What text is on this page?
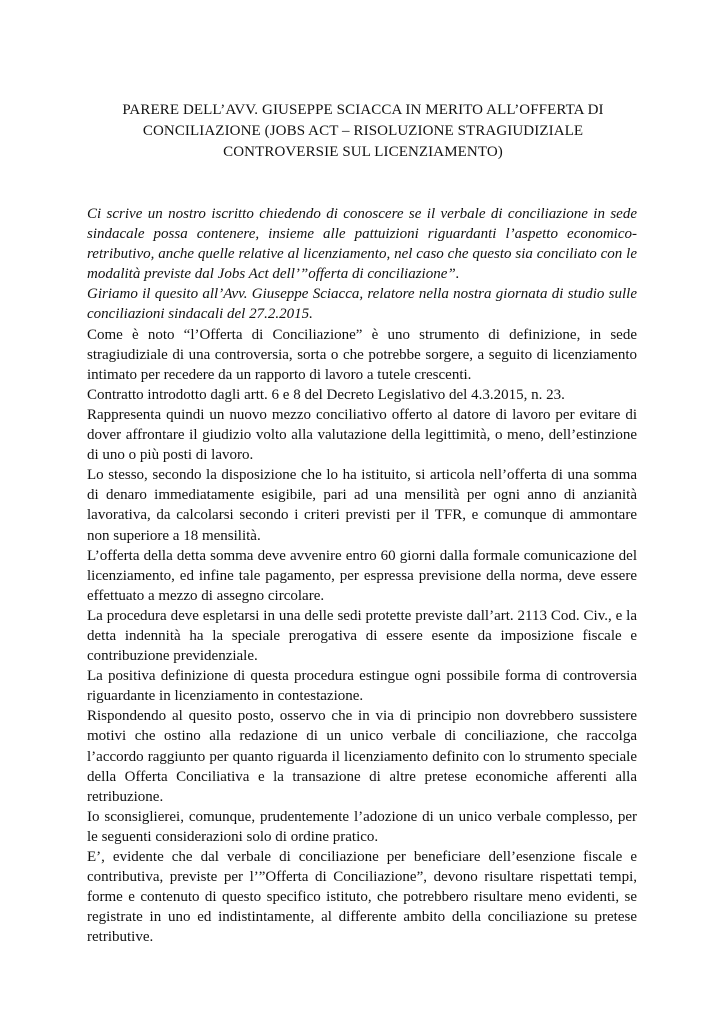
PARERE DELL’AVV. GIUSEPPE SCIACCA IN MERITO ALL’OFFERTA DI
CONCILIAZIONE (JOBS ACT – RISOLUZIONE STRAGIUDIZIALE
CONTROVERSIE SUL LICENZIAMENTO)

Ci scrive un nostro iscritto chiedendo di conoscere se il verbale di conciliazione in sede sindacale possa contenere, insieme alle pattuizioni riguardanti l’aspetto economico-retributivo, anche quelle relative al licenziamento, nel caso che questo sia conciliato con le modalità previste dal Jobs Act dell’”offerta di conciliazione”.

Giriamo il quesito all’Avv. Giuseppe Sciacca, relatore nella nostra giornata di studio sulle conciliazioni sindacali del 27.2.2015.

Come è noto “l’Offerta di Conciliazione” è uno strumento di definizione, in sede stragiudiziale di una controversia, sorta o che potrebbe sorgere, a seguito di licenziamento intimato per recedere da un rapporto di lavoro a tutele crescenti.

Contratto introdotto dagli artt. 6 e 8 del Decreto Legislativo del 4.3.2015, n. 23.

Rappresenta quindi un nuovo mezzo conciliativo offerto al datore di lavoro per evitare di dover affrontare il giudizio volto alla valutazione della legittimità, o meno, dell’estinzione di uno o più posti di lavoro.

Lo stesso, secondo la disposizione che lo ha istituito, si articola nell’offerta di una somma di denaro immediatamente esigibile, pari ad una mensilità per ogni anno di anzianità lavorativa, da calcolarsi secondo i criteri previsti per il TFR, e comunque di ammontare non superiore a 18 mensilità.

L’offerta della detta somma deve avvenire entro 60 giorni dalla formale comunicazione del licenziamento, ed infine tale pagamento, per espressa previsione della norma, deve essere effettuato a mezzo di assegno circolare.

La procedura deve espletarsi in una delle sedi protette previste dall’art. 2113 Cod. Civ., e la detta indennità ha la speciale prerogativa di essere esente da imposizione fiscale e contribuzione previdenziale.

La positiva definizione di questa procedura estingue ogni possibile forma di controversia riguardante in licenziamento in contestazione.

Rispondendo al quesito posto, osservo che in via di principio non dovrebbero sussistere motivi che ostino alla redazione di un unico verbale di conciliazione, che raccolga l’accordo raggiunto per quanto riguarda il licenziamento definito con lo strumento speciale della Offerta Conciliativa e la transazione di altre pretese economiche afferenti alla retribuzione.

Io sconsiglierei, comunque, prudentemente l’adozione di un unico verbale complesso, per le seguenti considerazioni solo di ordine pratico.

E’, evidente che dal verbale di conciliazione per beneficiare dell’esenzione fiscale e contributiva, previste per l’”Offerta di Conciliazione”, devono risultare rispettati tempi, forme e contenuto di questo specifico istituto, che potrebbero risultare meno evidenti, se registrate in uno ed indistintamente, al differente ambito della conciliazione su pretese retributive.
